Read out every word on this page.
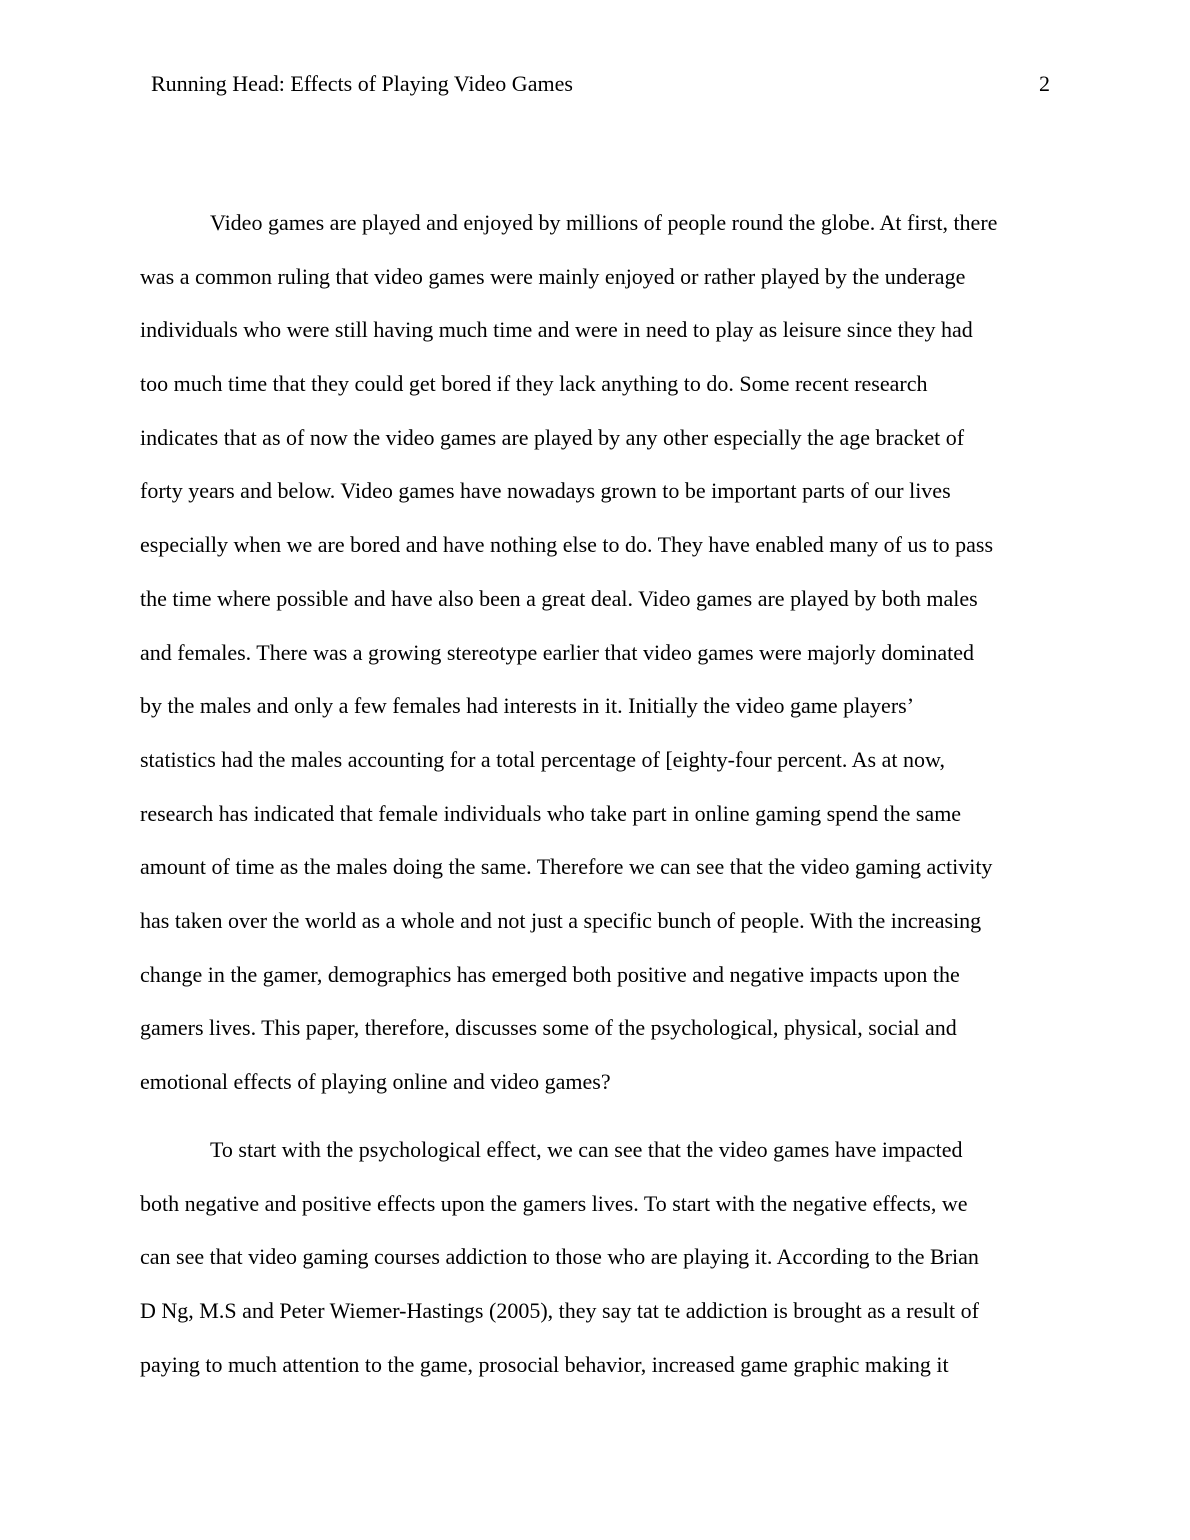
Running Head: Effects of Playing Video Games	2

Video games are played and enjoyed by millions of people round the globe. At first, there
was a common ruling that video games were mainly enjoyed or rather played by the underage
individuals who were still having much time and were in need to play as leisure since they had
too much time that they could get bored if they lack anything to do. Some recent research
indicates that as of now the video games are played by any other especially the age bracket of
forty years and below. Video games have nowadays grown to be important parts of our lives
especially when we are bored and have nothing else to do. They have enabled many of us to pass
the time where possible and have also been a great deal. Video games are played by both males
and females. There was a growing stereotype earlier that video games were majorly dominated
by the males and only a few females had interests in it. Initially the video game players’
statistics had the males accounting for a total percentage of [eighty-four percent. As at now,
research has indicated that female individuals who take part in online gaming spend the same
amount of time as the males doing the same. Therefore we can see that the video gaming activity
has taken over the world as a whole and not just a specific bunch of people. With the increasing
change in the gamer, demographics has emerged both positive and negative impacts upon the
gamers lives. This paper, therefore, discusses some of the psychological, physical, social and
emotional effects of playing online and video games?

To start with the psychological effect, we can see that the video games have impacted
both negative and positive effects upon the gamers lives. To start with the negative effects, we
can see that video gaming courses addiction to those who are playing it. According to the Brian
D Ng, M.S and Peter Wiemer-Hastings (2005), they say tat te addiction is brought as a result of
paying to much attention to the game, prosocial behavior, increased game graphic making it
